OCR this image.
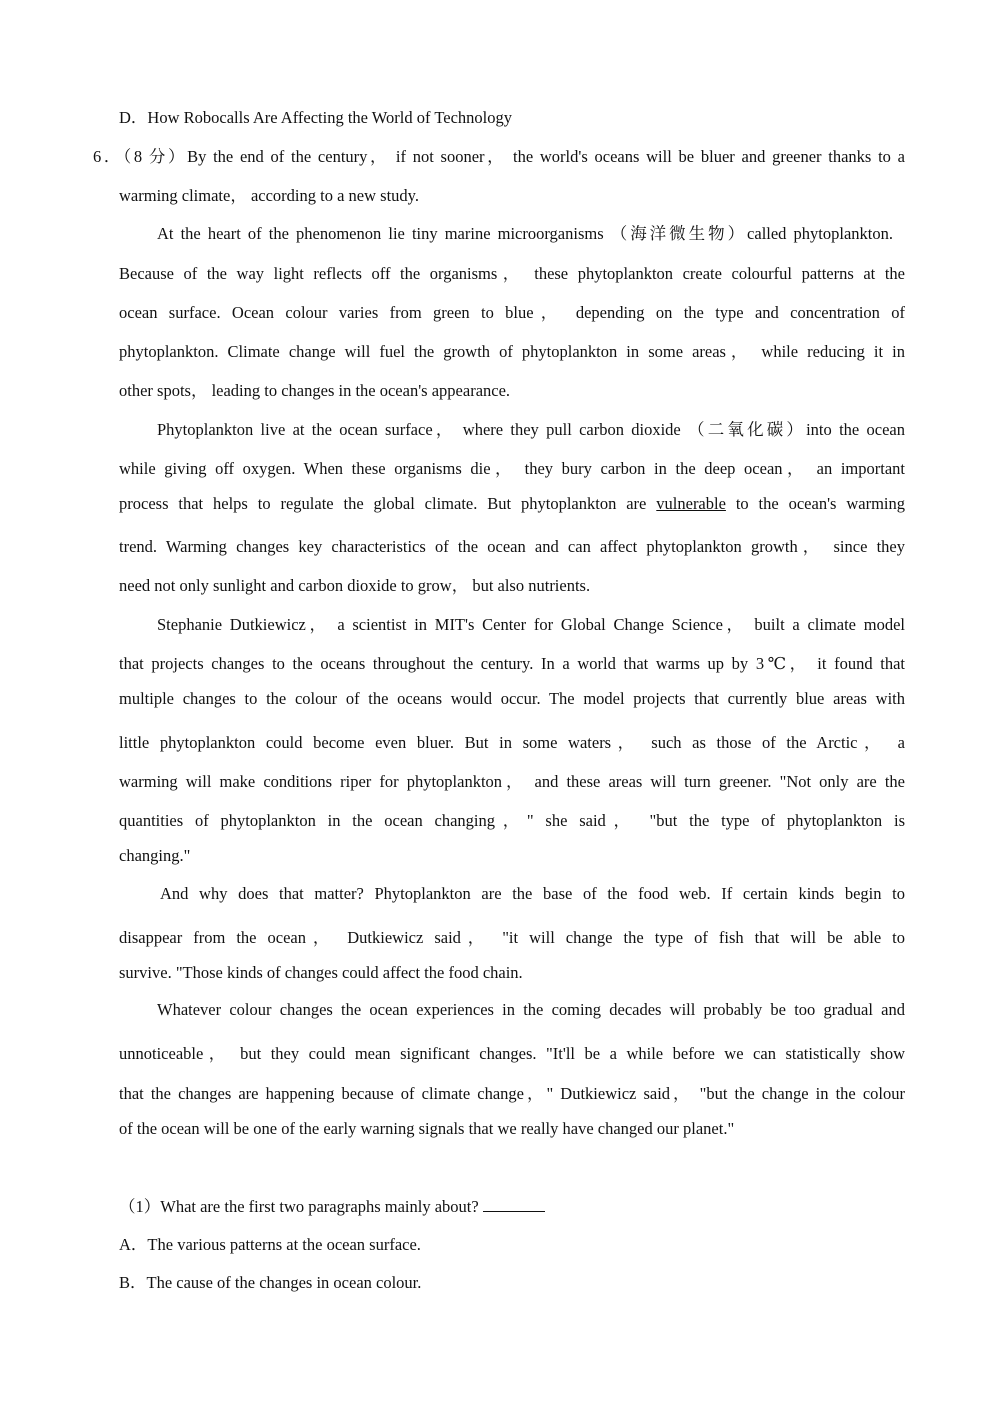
D．How Robocalls Are Affecting the World of Technology
6．（8 分）By the end of the century， if not sooner， the world's oceans will be bluer and greener thanks to a
warming climate， according to a new study.
At the heart of the phenomenon lie tiny marine microorganisms （海洋微生物）called phytoplankton.
Because of the way light reflects off the organisms， these phytoplankton create colourful patterns at the
ocean surface. Ocean colour varies from green to blue， depending on the type and concentration of
phytoplankton. Climate change will fuel the growth of phytoplankton in some areas， while reducing it in
other spots， leading to changes in the ocean's appearance.
Phytoplankton live at the ocean surface， where they pull carbon dioxide （二氧化碳）into the ocean
while giving off oxygen. When these organisms die， they bury carbon in the deep ocean， an important
process that helps to regulate the global climate. But phytoplankton are vulnerable to the ocean's warming
trend. Warming changes key characteristics of the ocean and can affect phytoplankton growth， since they
need not only sunlight and carbon dioxide to grow， but also nutrients.
Stephanie Dutkiewicz， a scientist in MIT's Center for Global Change Science， built a climate model
that projects changes to the oceans throughout the century. In a world that warms up by 3℃， it found that
multiple changes to the colour of the oceans would occur. The model projects that currently blue areas with
little phytoplankton could become even bluer. But in some waters， such as those of the Arctic， a
warming will make conditions riper for phytoplankton， and these areas will turn greener. "Not only are the
quantities of phytoplankton in the ocean changing，" she said， "but the type of phytoplankton is
changing."
And why does that matter? Phytoplankton are the base of the food web. If certain kinds begin to
disappear from the ocean， Dutkiewicz said， "it will change the type of fish that will be able to
survive. "Those kinds of changes could affect the food chain.
Whatever colour changes the ocean experiences in the coming decades will probably be too gradual and
unnoticeable， but they could mean significant changes. "It'll be a while before we can statistically show
that the changes are happening because of climate change，" Dutkiewicz said， "but the change in the colour
of the ocean will be one of the early warning signals that we really have changed our planet."
（1）What are the first two paragraphs mainly about?
A．The various patterns at the ocean surface.
B．The cause of the changes in ocean colour.
